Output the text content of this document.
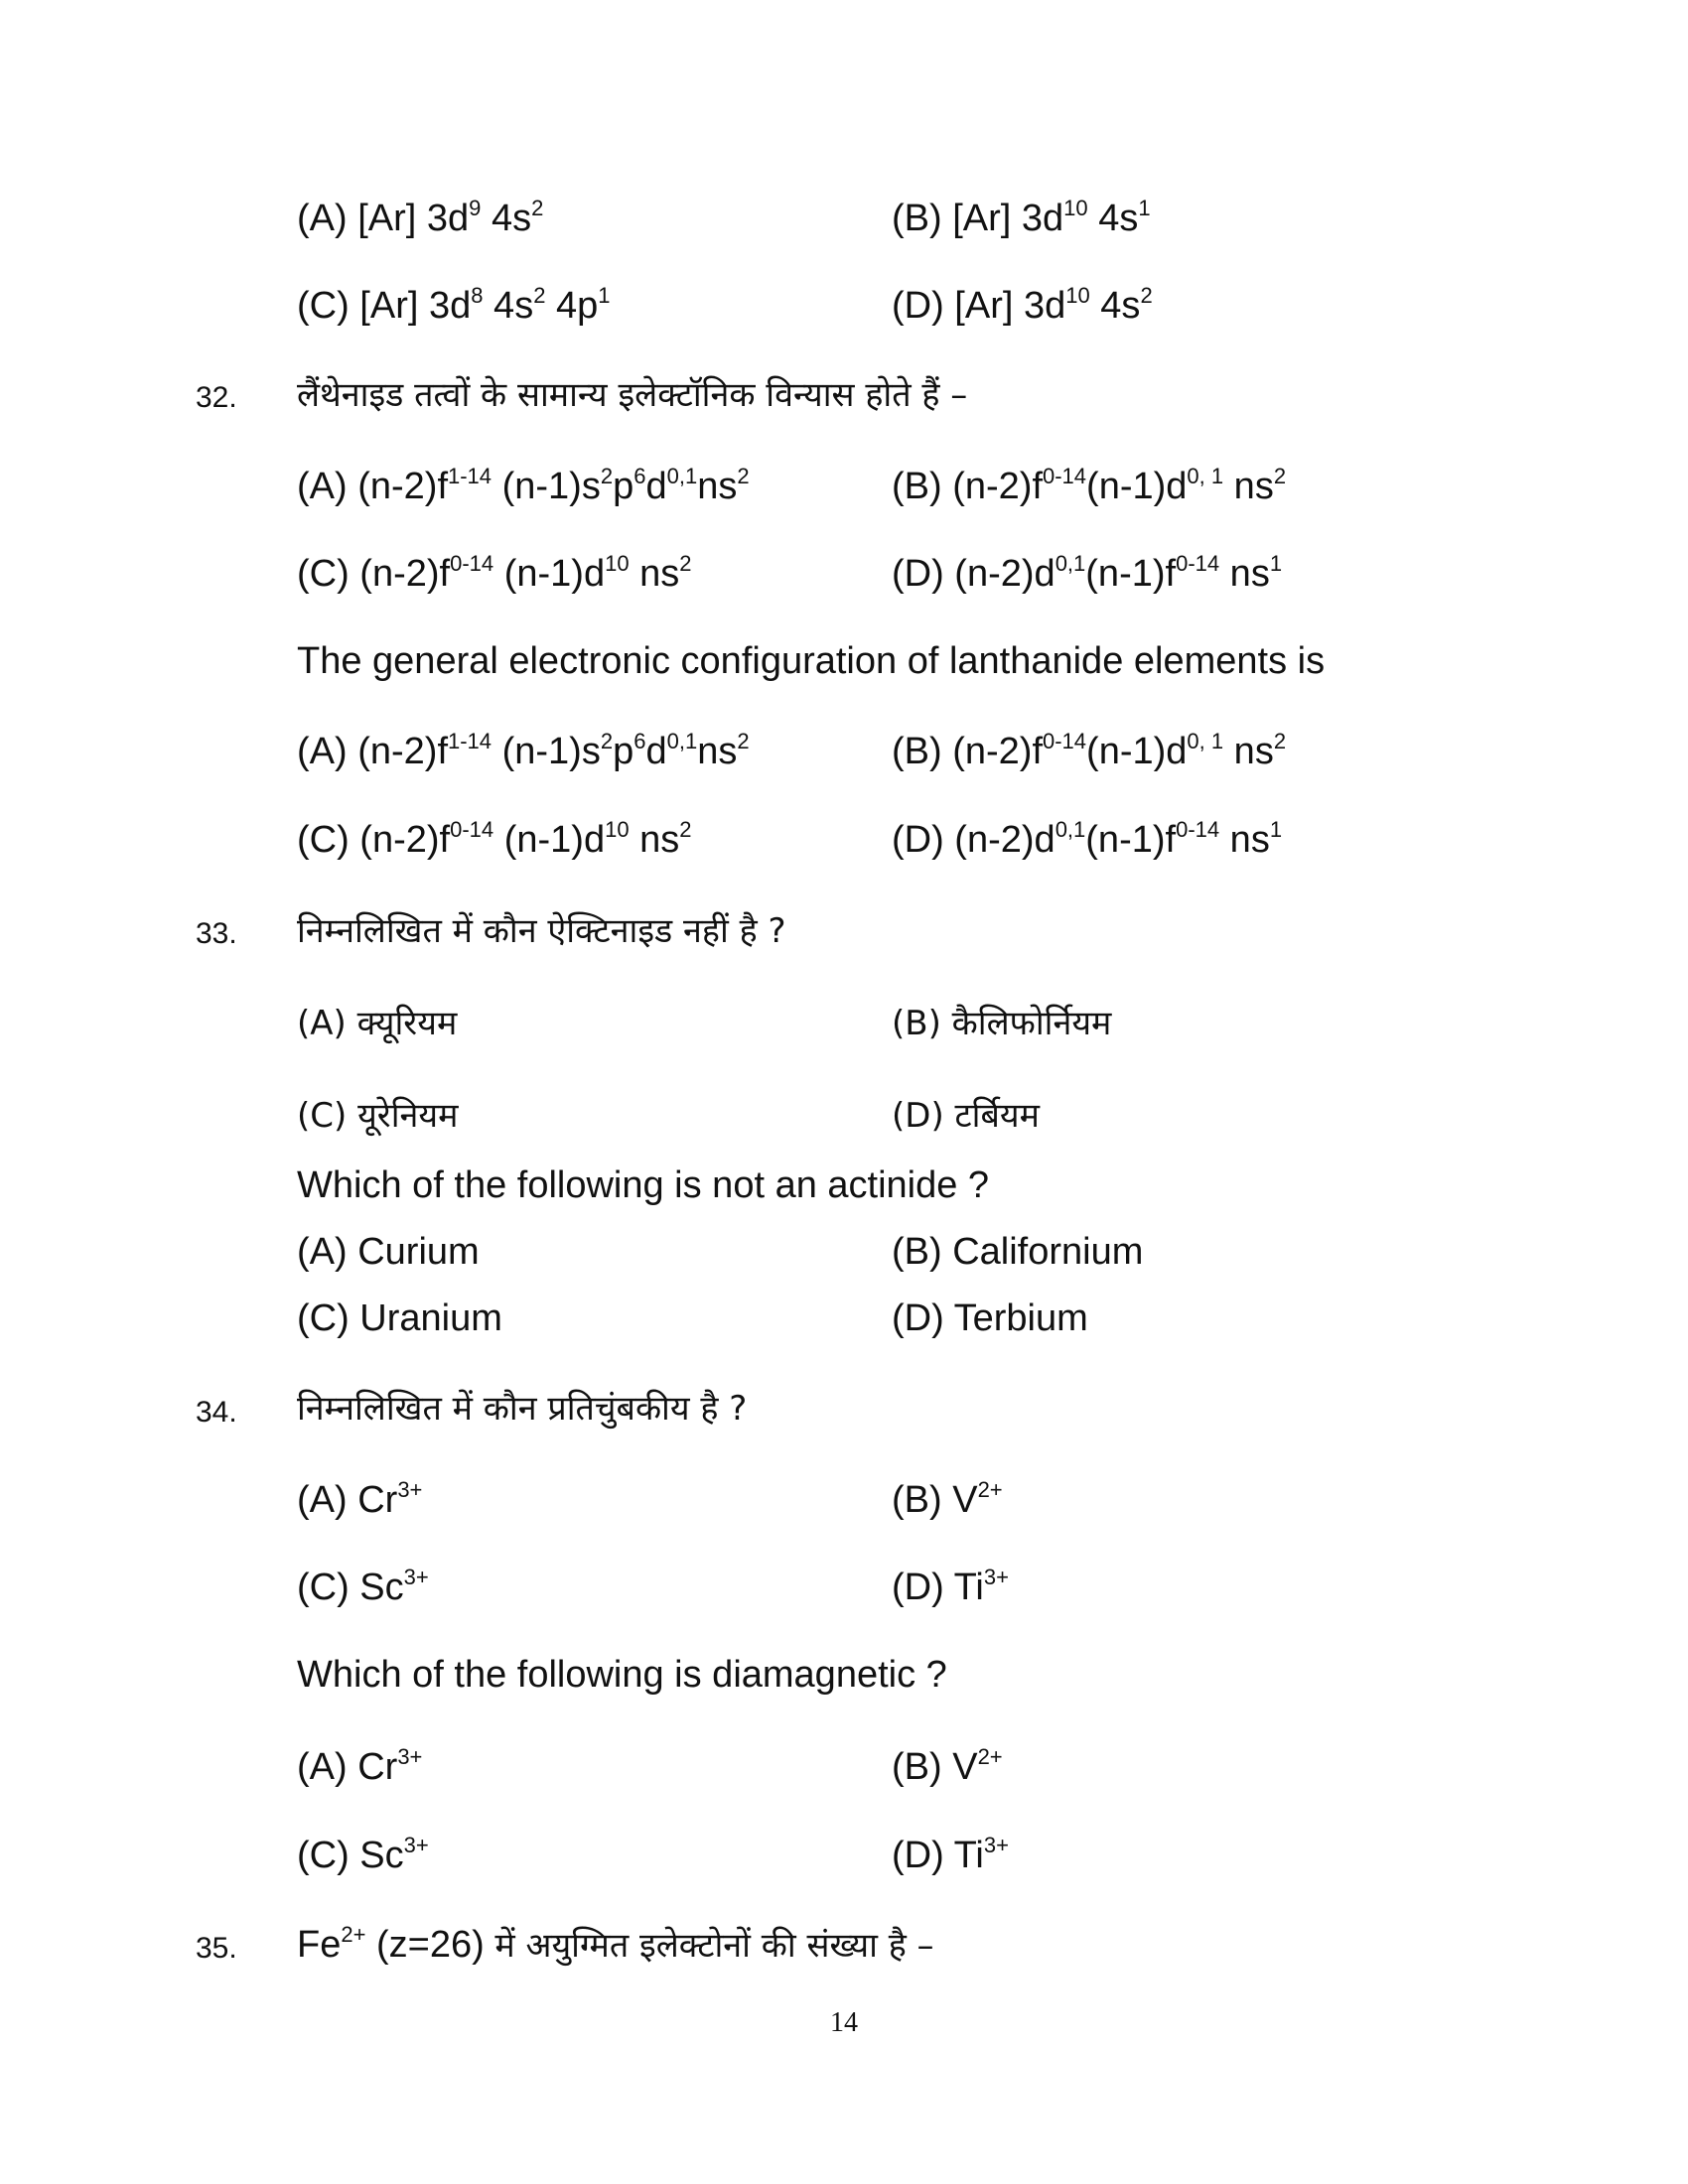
(A) [Ar] $3d^9$ $4s^2$	(B) [Ar] $3d^{10}$ $4s^1$
(C) [Ar] $3d^8$ $4s^2$ $4p^1$	(D) [Ar] $3d^{10}$ $4s^2$
32. लैंथेनाइड तत्वों के सामान्य इलेक्टॉनिक विन्यास होते हैं –
(A) $(n-2)f^{1-14}$ $(n-1)s^2p^6d^{0,1}ns^2$	(B) $(n-2)f^{0-14}(n-1)d^{0, 1}$ $ns^2$
(C) $(n-2)f^{0-14}$ $(n-1)d^{10}$ $ns^2$	(D) $(n-2)d^{0,1}(n-1)f^{0-14}$ $ns^1$
The general electronic configuration of lanthanide elements is
(A) $(n-2)f^{1-14}$ $(n-1)s^2p^6d^{0,1}ns^2$	(B) $(n-2)f^{0-14}(n-1)d^{0, 1}$ $ns^2$
(C) $(n-2)f^{0-14}$ $(n-1)d^{10}$ $ns^2$	(D) $(n-2)d^{0,1}(n-1)f^{0-14}$ $ns^1$
33. निम्नलिखित में कौन ऐक्टिनाइड नहीं है ?
(A) क्यूरियम	(B) कैलिफोर्नियम
(C) यूरेनियम	(D) टर्बियम
Which of the following is not an actinide ?
(A) Curium	(B) Californium
(C) Uranium	(D) Terbium
34. निम्नलिखित में कौन प्रतिचुंबकीय है ?
(A) $Cr^{3+}$	(B) $V^{2+}$
(C) $Sc^{3+}$	(D) $Ti^{3+}$
Which of the following is diamagnetic ?
(A) $Cr^{3+}$	(B) $V^{2+}$
(C) $Sc^{3+}$	(D) $Ti^{3+}$
35. $Fe^{2+}$ (z=26) में अयुग्मित इलेक्टोनों की संख्या है –
14
